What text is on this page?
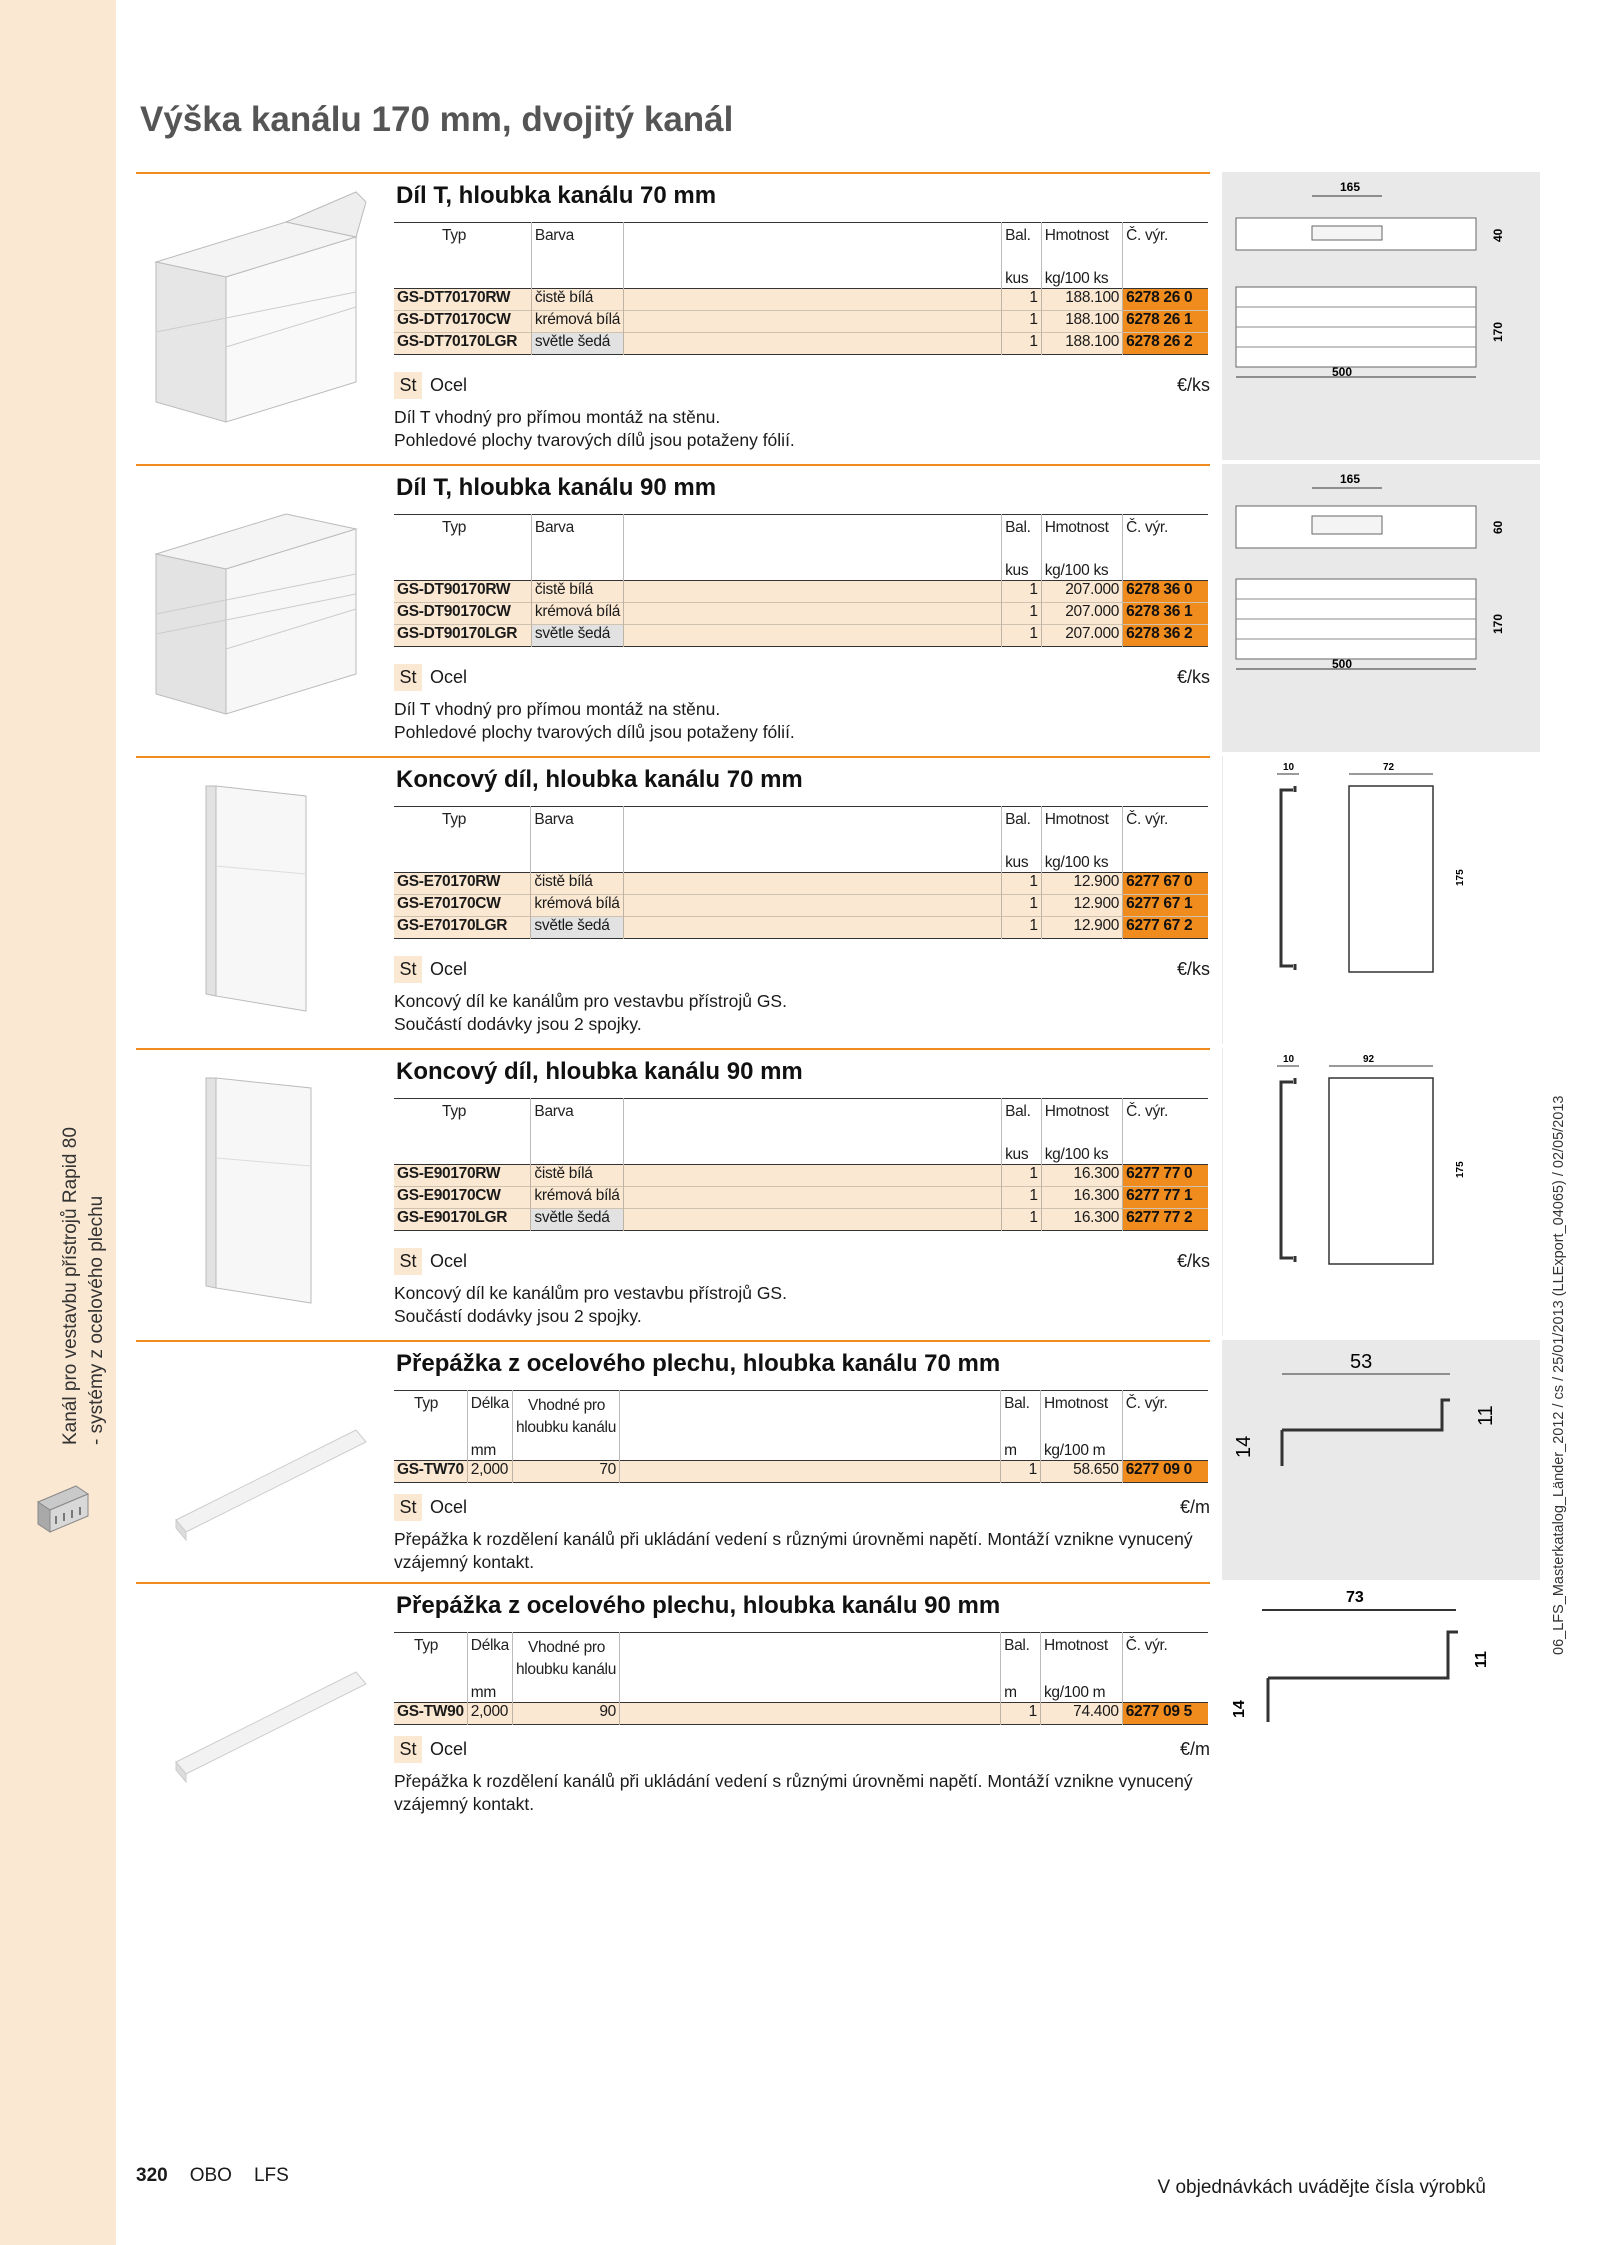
Výška kanálu 170 mm, dvojitý kanál
Kanál pro vestavbu přístrojů Rapid 80 - systémy z ocelového plechu	06_LFS_Masterkatalog_Länder_2012 / cs / 25/01/2013 (LLExport_04065) / 02/05/2013
Díl T, hloubka kanálu 70 mm
Typ	Barva		Bal.	Hmotnost	Č. výr.
			kus	kg/100 ks	
GS-DT70170RW	čistě bílá		1	188.100	6278 26 0
GS-DT70170CW	krémová bílá		1	188.100	6278 26 1
GS-DT70170LGR	světle šedá		1	188.100	6278 26 2
St Ocel	€/ks
Díl T vhodný pro přímou montáž na stěnu.
Pohledové plochy tvarových dílů jsou potaženy fólií.
165
40
170
500
Díl T, hloubka kanálu 90 mm
Typ	Barva		Bal.	Hmotnost	Č. výr.
			kus	kg/100 ks	
GS-DT90170RW	čistě bílá		1	207.000	6278 36 0
GS-DT90170CW	krémová bílá		1	207.000	6278 36 1
GS-DT90170LGR	světle šedá		1	207.000	6278 36 2
St Ocel	€/ks
Díl T vhodný pro přímou montáž na stěnu.
Pohledové plochy tvarových dílů jsou potaženy fólií.
165
60
170
500
Koncový díl, hloubka kanálu 70 mm
Typ	Barva		Bal.	Hmotnost	Č. výr.
			kus	kg/100 ks	
GS-E70170RW	čistě bílá		1	12.900	6277 67 0
GS-E70170CW	krémová bílá		1	12.900	6277 67 1
GS-E70170LGR	světle šedá		1	12.900	6277 67 2
St Ocel	€/ks
Koncový díl ke kanálům pro vestavbu přístrojů GS.
Součástí dodávky jsou 2 spojky.
10	72
175
Koncový díl, hloubka kanálu 90 mm
Typ	Barva		Bal.	Hmotnost	Č. výr.
			kus	kg/100 ks	
GS-E90170RW	čistě bílá		1	16.300	6277 77 0
GS-E90170CW	krémová bílá		1	16.300	6277 77 1
GS-E90170LGR	světle šedá		1	16.300	6277 77 2
St Ocel	€/ks
Koncový díl ke kanálům pro vestavbu přístrojů GS.
Součástí dodávky jsou 2 spojky.
10	92
175
Přepážka z ocelového plechu, hloubka kanálu 70 mm
Typ	Délka	Vhodné pro
hloubku kanálu		Bal.	Hmotnost	Č. výr.
	mm			m	kg/100 m	
GS-TW70	2,000	70		1	58.650	6277 09 0
St Ocel	€/m
Přepážka k rozdělení kanálů při ukládání vedení s různými úrovněmi napětí. Montáží vznikne vynucený vzájemný kontakt.
53
14
11
Přepážka z ocelového plechu, hloubka kanálu 90 mm
Typ	Délka	Vhodné pro
hloubku kanálu		Bal.	Hmotnost	Č. výr.
	mm			m	kg/100 m	
GS-TW90	2,000	90		1	74.400	6277 09 5
St Ocel	€/m
Přepážka k rozdělení kanálů při ukládání vedení s různými úrovněmi napětí. Montáží vznikne vynucený vzájemný kontakt.
73
14
11
320 OBO LFS
V objednávkách uvádějte čísla výrobků
